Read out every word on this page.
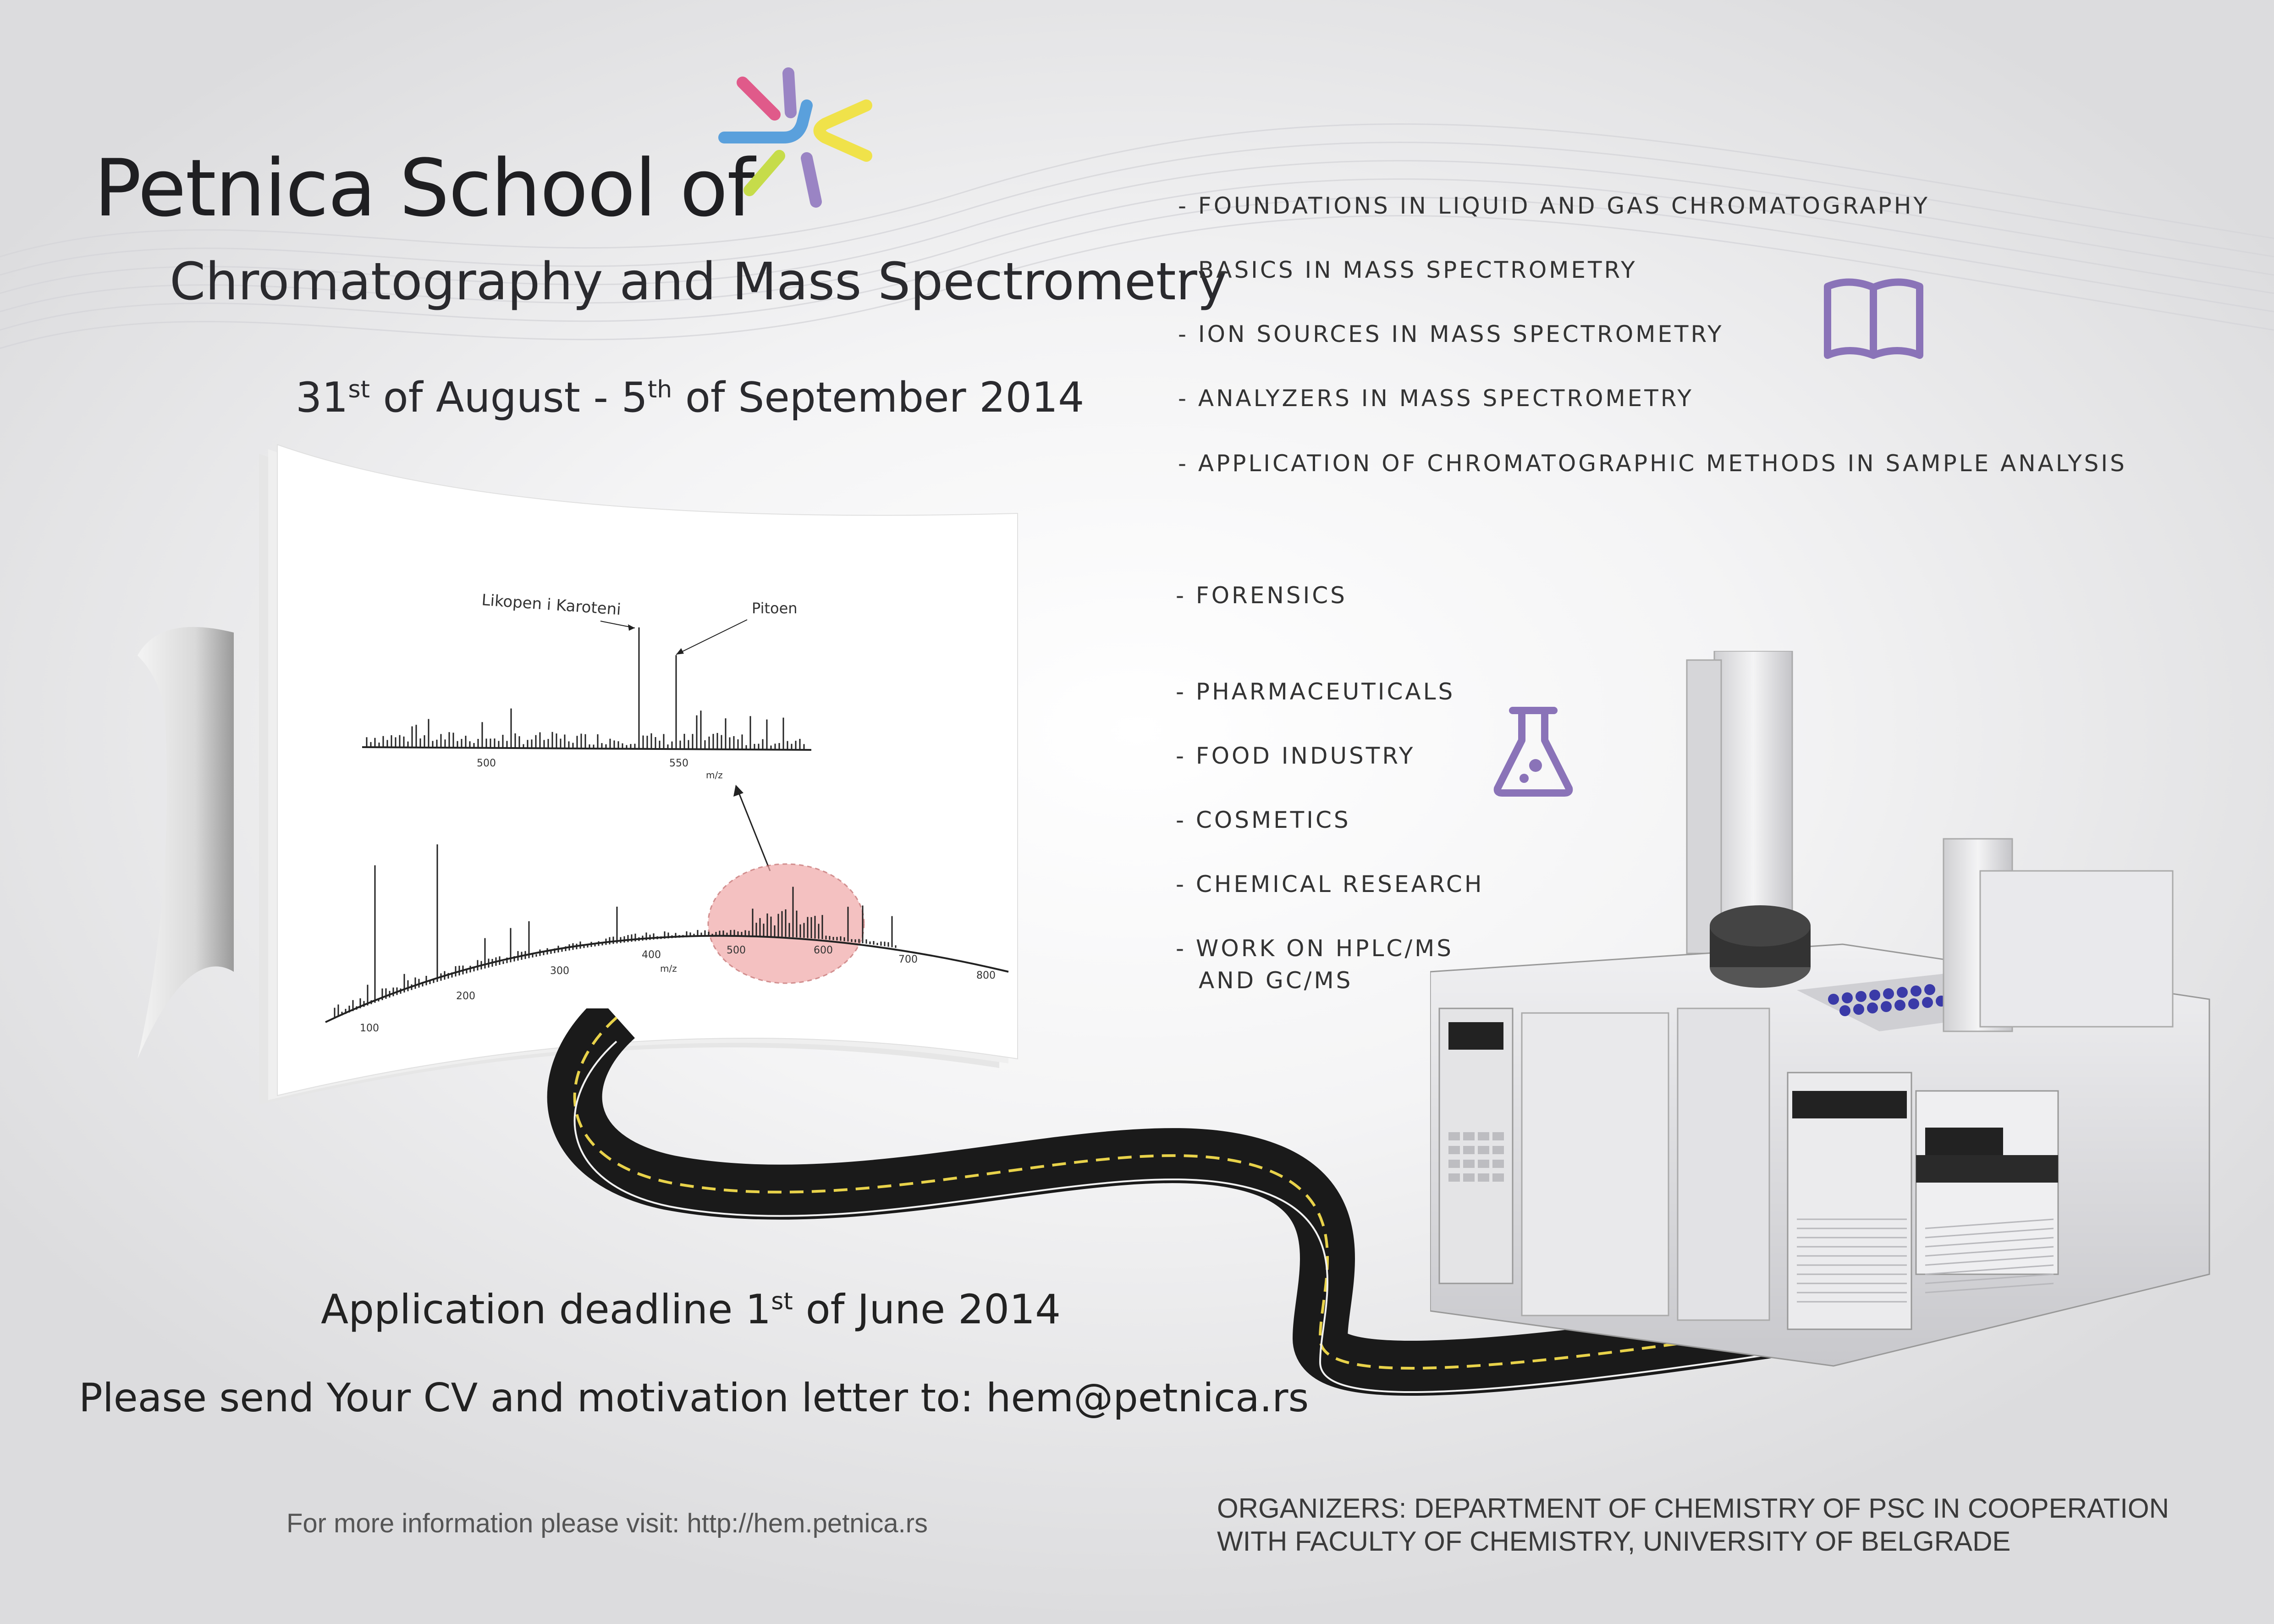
Petnica School of
Chromatography and Mass Spectrometry
31st of August - 5th of September 2014
- FOUNDATIONS IN LIQUID AND GAS CHROMATOGRAPHY
- BASICS IN MASS SPECTROMETRY
- ION SOURCES IN MASS SPECTROMETRY
- ANALYZERS IN MASS SPECTROMETRY
- APPLICATION OF CHROMATOGRAPHIC METHODS IN SAMPLE ANALYSIS
- FORENSICS
- PHARMACEUTICALS
- FOOD INDUSTRY
- COSMETICS
- CHEMICAL RESEARCH
- WORK ON HPLC/MS
AND GC/MS
Likopen i Karoteni	Pitoen
500	550
m/z
100
200
300
400	500	600
700
800
m/z
Application deadline 1st of June 2014
Please send Your CV and motivation letter to: hem@petnica.rs
For more information please visit: http://hem.petnica.rs	ORGANIZERS: DEPARTMENT OF CHEMISTRY OF PSC IN COOPERATION
WITH FACULTY OF CHEMISTRY, UNIVERSITY OF BELGRADE
